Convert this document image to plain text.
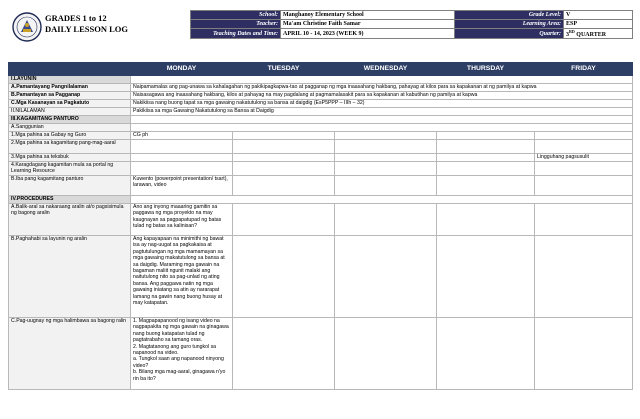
GRADES 1 to 12
DAILY LESSON LOG
School:	Manghanoy Elementary School	Grade Level:	V
Teacher:	Ma'am Christine Faith Samar	Learning Area:	ESP
Teaching Dates and Time:	APRIL 10 - 14, 2023 (WEEK 9)	Quarter:	3RD QUARTER
	MONDAY	TUESDAY	WEDNESDAY	THURSDAY	FRIDAY
I.LAYUNIN					
A.Pamantayang Pangnilalaman	Naipamamalas ang pag-unawa sa kahalagahan ng pakikipagkapwa-tao at pagganap ng mga inaasahang hakbang, pahayag at kilos para sa kapakanan at ng pamilya at kapwa				
B.Pamantayan sa Pagganap	Naisasagawa ang inaasahang hakbang, kilos at pahayag na may pagdalang at pagmamalasakit para sa kapakanan at kabutihan ng pamilya at kapwa				
C.Mga Kasanayan sa Pagkatuto	Nakikiisa nang buong tapat sa mga gawaing nakatutulong sa bansa at daigdig (EsP5PPP – IIIh – 32)				
II.NILALAMAN	Pakikiisa sa mga Gawaing Nakatutulong sa Bansa at Daigdig				
III.KAGAMITANG PANTURO					
A.Sanggunian					
1.Mga pahina sa Gabay ng Guro	CG ph				
2.Mga pahina sa kagamitang pang-mag-aaral					
3.Mga pahina sa teksbuk					Lingguhang pagsusulit
4.Karagdagang kagamitan mula sa portal ng Learning Resource					
B.Iba pang kagamitang panturo	Kuwento (powerpoint presentation/ tsart), larawan, video				
IV.PROCEDURES					
A.Balik-aral sa nakaraang aralin at/o pagsisimula ng bagong aralin	Ano ang inyong maaaring gamitin sa paggawa ng mga proyekto na may kaugnayan sa pagpapatupad ng batas tulad ng batas sa kalinisan?				
B.Paghahabi sa layunin ng aralin	Ang kapayapaan na minimithi ng bawat isa ay nag-uugat sa pagkakaisa at pagtutulungan ng mga mamamayan sa mga gawaing makatutulong sa bansa at sa daigdig. Maraming mga gawain na bagaman maliit ngunit malaki ang naitutulong nito sa pag-unlad ng ating bansa. Ang paggawa natin ng mga gawaing iniatang sa atin ay nararapat lamang na gawin nang buong husay at may katapatan.				
C.Pag-uugnay ng mga halimbawa sa bagong ralin	1. Magpapapanood ng isang video na nagpapakita ng mga gawain na ginagawa nang buong katapatan tulad ng pagtatrabaho sa tamang oras.
2. Magtatanong ang guro tungkol sa napanood na video.
a. Tungkol saan ang napanood ninyong video?
b. Bilang mga mag-aaral, ginagawa n'yo rin ba ito?				
